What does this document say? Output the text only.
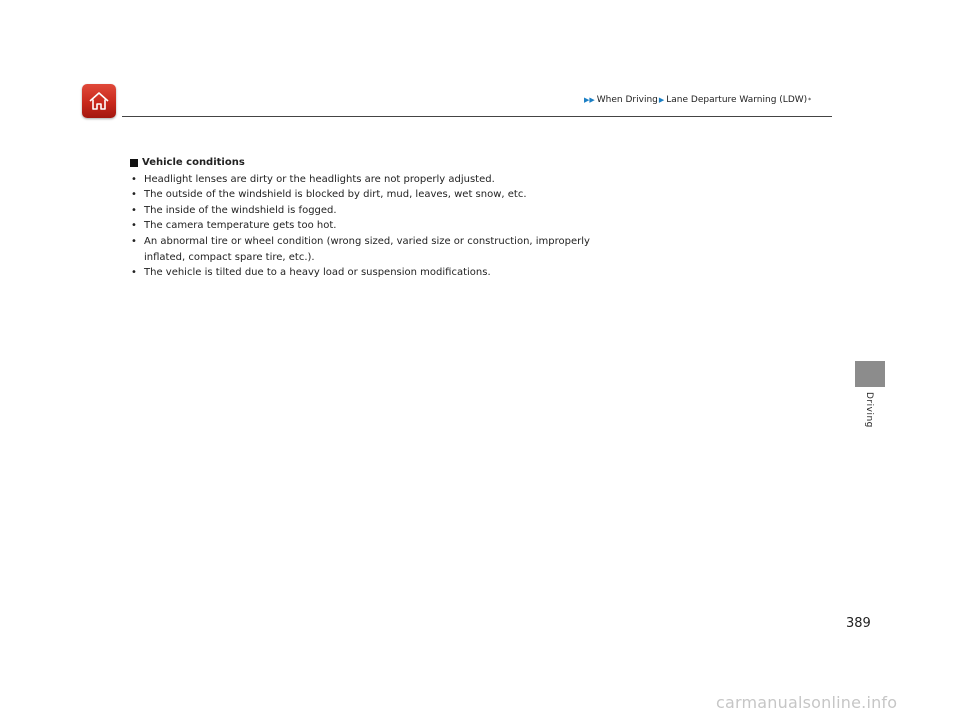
▶▶ When Driving ▶ Lane Departure Warning (LDW) *
Vehicle conditions
• Headlight lenses are dirty or the headlights are not properly adjusted.
• The outside of the windshield is blocked by dirt, mud, leaves, wet snow, etc.
• The inside of the windshield is fogged.
• The camera temperature gets too hot.
• An abnormal tire or wheel condition (wrong sized, varied size or construction, improperly inflated, compact spare tire, etc.).
• The vehicle is tilted due to a heavy load or suspension modifications.
Driving
389
carmanualsonline.info
